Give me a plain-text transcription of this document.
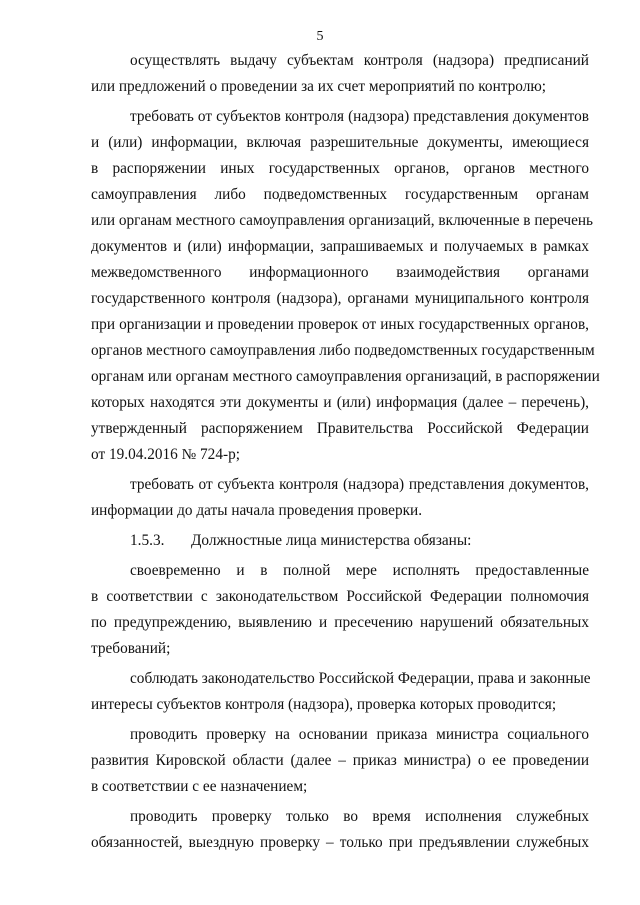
5

осуществлять выдачу субъектам контроля (надзора) предписаний
или предложений о проведении за их счет мероприятий по контролю;

требовать от субъектов контроля (надзора) представления документов
и (или) информации, включая разрешительные документы, имеющиеся
в распоряжении иных государственных органов, органов местного
самоуправления либо подведомственных государственным органам
или органам местного самоуправления организаций, включенные в перечень
документов и (или) информации, запрашиваемых и получаемых в рамках
межведомственного информационного взаимодействия органами
государственного контроля (надзора), органами муниципального контроля
при организации и проведении проверок от иных государственных органов,
органов местного самоуправления либо подведомственных государственным
органам или органам местного самоуправления организаций, в распоряжении
которых находятся эти документы и (или) информация (далее – перечень),
утвержденный распоряжением Правительства Российской Федерации
от 19.04.2016 № 724-р;

требовать от субъекта контроля (надзора) представления документов,
информации до даты начала проведения проверки.

1.5.3.	Должностные лица министерства обязаны:

своевременно и в полной мере исполнять предоставленные
в соответствии с законодательством Российской Федерации полномочия
по предупреждению, выявлению и пресечению нарушений обязательных
требований;

соблюдать законодательство Российской Федерации, права и законные
интересы субъектов контроля (надзора), проверка которых проводится;

проводить проверку на основании приказа министра социального
развития Кировской области (далее – приказ министра) о ее проведении
в соответствии с ее назначением;

проводить проверку только во время исполнения служебных
обязанностей, выездную проверку – только при предъявлении служебных
